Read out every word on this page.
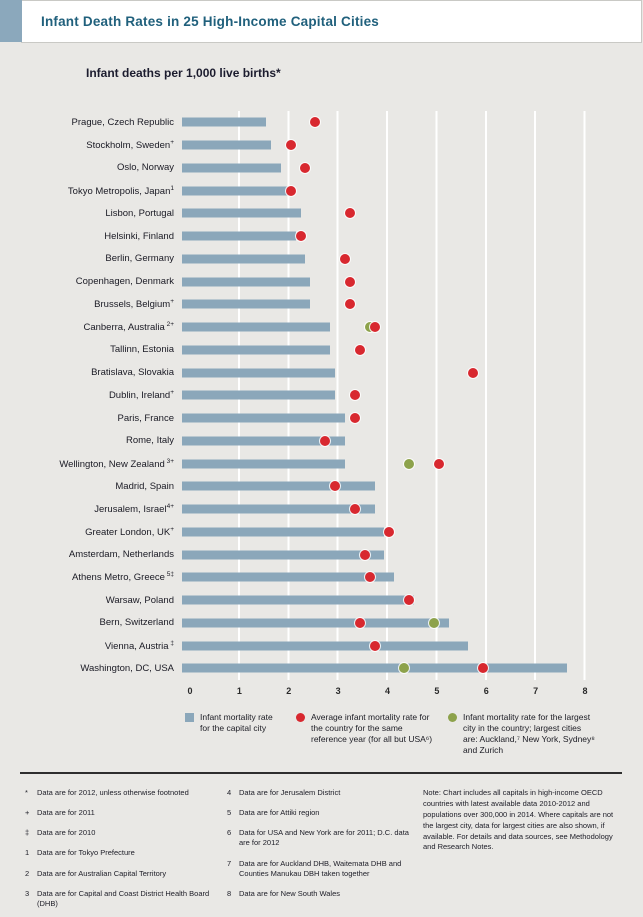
Infant Death Rates in 25 High-Income Capital Cities
Infant deaths per 1,000 live births*
Prague, Czech Republic
Stockholm, Sweden+
Oslo, Norway
Tokyo Metropolis, Japan$^1$
Lisbon, Portugal
Helsinki, Finland
Berlin, Germany
Copenhagen, Denmark
Brussels, Belgium+
Canberra, Australia $^{2+}$
Tallinn, Estonia
Bratislava, Slovakia
Dublin, Ireland+
Paris, France
Rome, Italy
Wellington, New Zealand $^{3+}$
Madrid, Spain
Jerusalem, Israel$^{4+}$
Greater London, UK+
Amsterdam, Netherlands
Athens Metro, Greece $^{5\ddagger}$
Warsaw, Poland
Bern, Switzerland
Vienna, Austria ‡
Washington, DC, USA
0	1	2	3	4	5	6	7	8
Infant mortality rate for the capital city
Average infant mortality rate for the country for the same reference year (for all but USA⁶)
Infant mortality rate for the largest city in the country; largest cities are: Auckland,⁷ New York, Sydney⁸ and Zurich
*	Data are for 2012, unless otherwise footnoted
+	Data are for 2011
‡	Data are for 2010
1	Data are for Tokyo Prefecture
2	Data are for Australian Capital Territory
3	Data are for Capital and Coast District Health Board (DHB)
4	Data are for Jerusalem District
5	Data are for Attiki region
6	Data for USA and New York are for 2011; D.C. data are for 2012
7	Data are for Auckland DHB, Waitemata DHB and Counties Manukau DBH taken together
8	Data are for New South Wales
Note: Chart includes all capitals in high-income OECD countries with latest available data 2010-2012 and populations over 300,000 in 2014. Where capitals are not the largest city, data for largest cities are also shown, if available. For details and data sources, see Methodology and Research Notes.
